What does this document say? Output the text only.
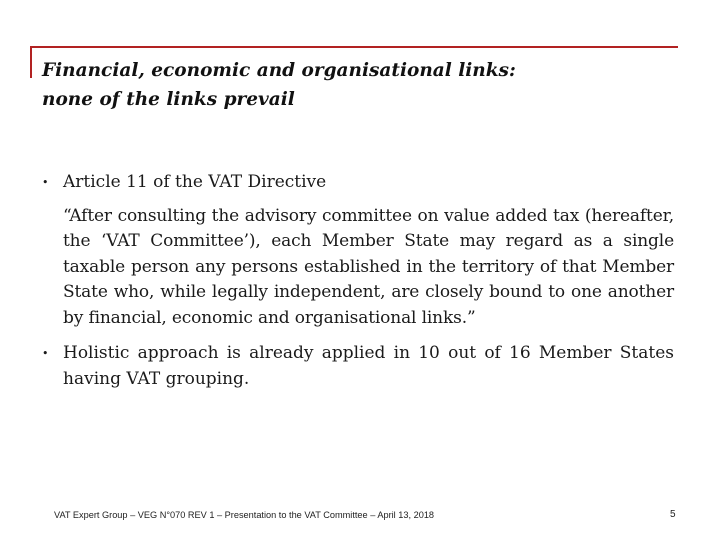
Financial, economic and organisational links:
none of the links prevail
• Article 11 of the VAT Directive
“After consulting the advisory committee on value added tax (hereafter, the ‘VAT Committee’), each Member State may regard as a single taxable person any persons established in the territory of that Member State who, while legally independent, are closely bound to one another by financial, economic and organisational links.”
• Holistic approach is already applied in 10 out of 16 Member States having VAT grouping.
VAT Expert Group – VEG N°070 REV 1 – Presentation to the VAT Committee – April 13, 2018	5
